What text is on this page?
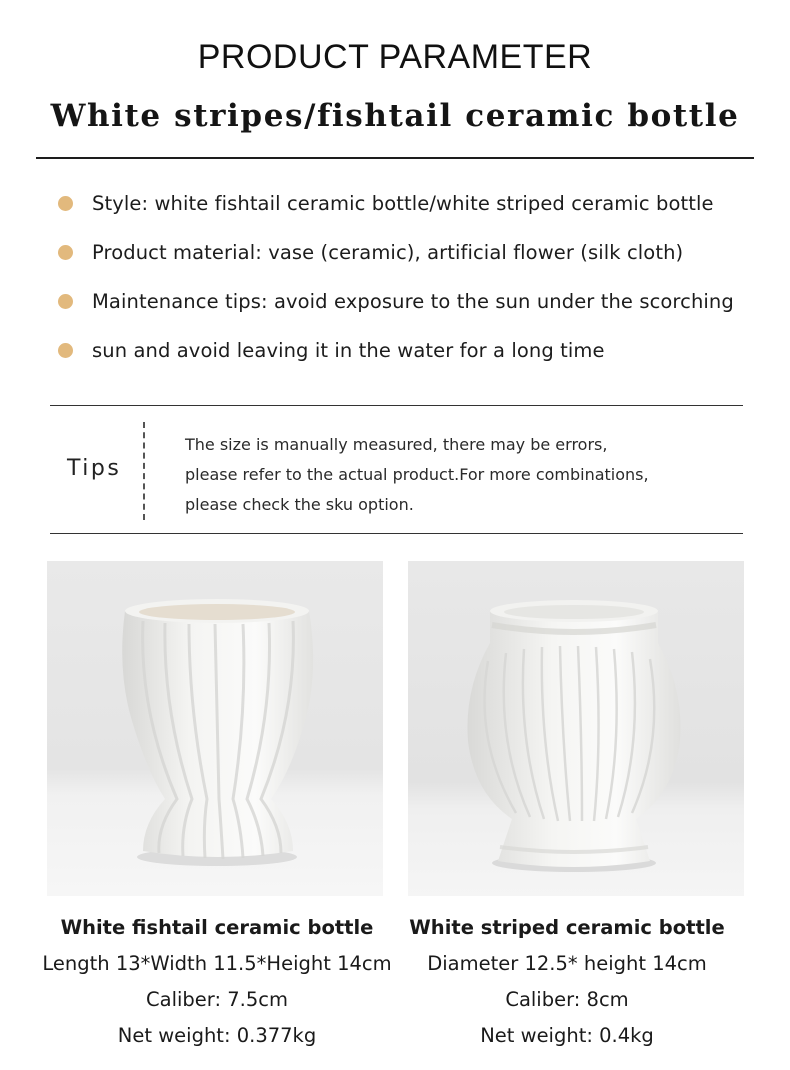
PRODUCT PARAMETER
White stripes/fishtail ceramic bottle
Style: white fishtail ceramic bottle/white striped ceramic bottle
Product material: vase (ceramic), artificial flower (silk cloth)
Maintenance tips: avoid exposure to the sun under the scorching
sun and avoid leaving it in the water for a long time
Tips
The size is manually measured, there may be errors,
please refer to the actual product.For more combinations,
please check the sku option.
White fishtail ceramic bottle
Length 13*Width 11.5*Height 14cm
Caliber: 7.5cm
Net weight: 0.377kg
White striped ceramic bottle
Diameter 12.5* height 14cm
Caliber: 8cm
Net weight: 0.4kg
